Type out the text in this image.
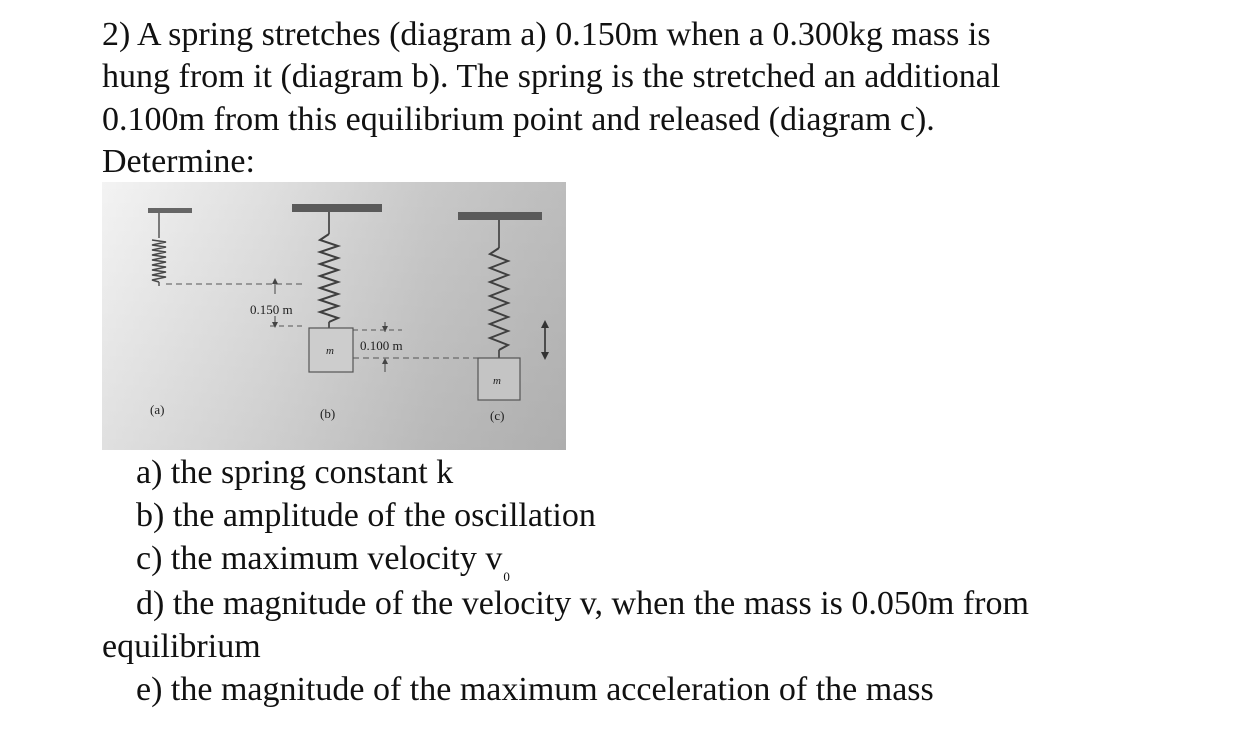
2) A spring stretches (diagram a) 0.150m when a 0.300kg mass is
hung from it (diagram b). The spring is the stretched an additional
0.100m from this equilibrium point and released (diagram c).
Determine:
0.150 m
m 0.100 m
m
(a)	(b)	(c)
a) the spring constant k
b) the amplitude of the oscillation
c) the maximum velocity $v_0$
d) the magnitude of the velocity v, when the mass is 0.050m from
equilibrium
e) the magnitude of the maximum acceleration of the mass
